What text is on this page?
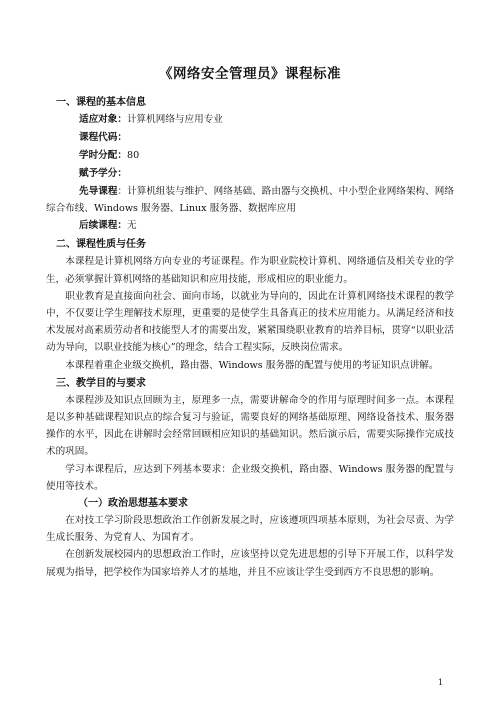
《网络安全管理员》课程标准
一、课程的基本信息
适应对象：计算机网络与应用专业
课程代码：
学时分配：80
赋予学分：

先导课程：计算机组装与维护、网络基础、路由器与交换机、中小型企业网络架构、网络综合布线、Windows 服务器、Linux 服务器、数据库应用

后续课程：无
二、课程性质与任务

本课程是计算机网络方向专业的考证课程。作为职业院校计算机、网络通信及相关专业的学生，必须掌握计算机网络的基础知识和应用技能，形成相应的职业能力。

职业教育是直接面向社会、面向市场，以就业为导向的，因此在计算机网络技术课程的教学中，不仅要让学生理解技术原理，更重要的是使学生具备真正的技术应用能力。从满足经济和技术发展对高素质劳动者和技能型人才的需要出发，紧紧围绕职业教育的培养目标，贯穿“以职业活动为导向，以职业技能为核心”的理念，结合工程实际，反映岗位需求。

本课程着重企业级交换机，路由器、Windows 服务器的配置与使用的考证知识点讲解。

三、教学目的与要求

本课程涉及知识点回顾为主，原理多一点，需要讲解命令的作用与原理时间多一点。本课程是以多种基础课程知识点的综合复习与验证，需要良好的网络基础原理、网络设备技术、服务器操作的水平，因此在讲解时会经常回顾相应知识的基础知识。然后演示后，需要实际操作完成技术的巩固。

学习本课程后，应达到下列基本要求：企业级交换机，路由器、Windows 服务器的配置与使用等技术。

（一）政治思想基本要求

在对技工学习阶段思想政治工作创新发展之时，应该遵项四项基本原则，为社会尽责、为学生成长服务、为党育人、为国育才。

在创新发展校园内的思想政治工作时，应该坚持以党先进思想的引导下开展工作，以科学发展观为指导，把学校作为国家培养人才的基地，并且不应该让学生受到西方不良思想的影响。

1
